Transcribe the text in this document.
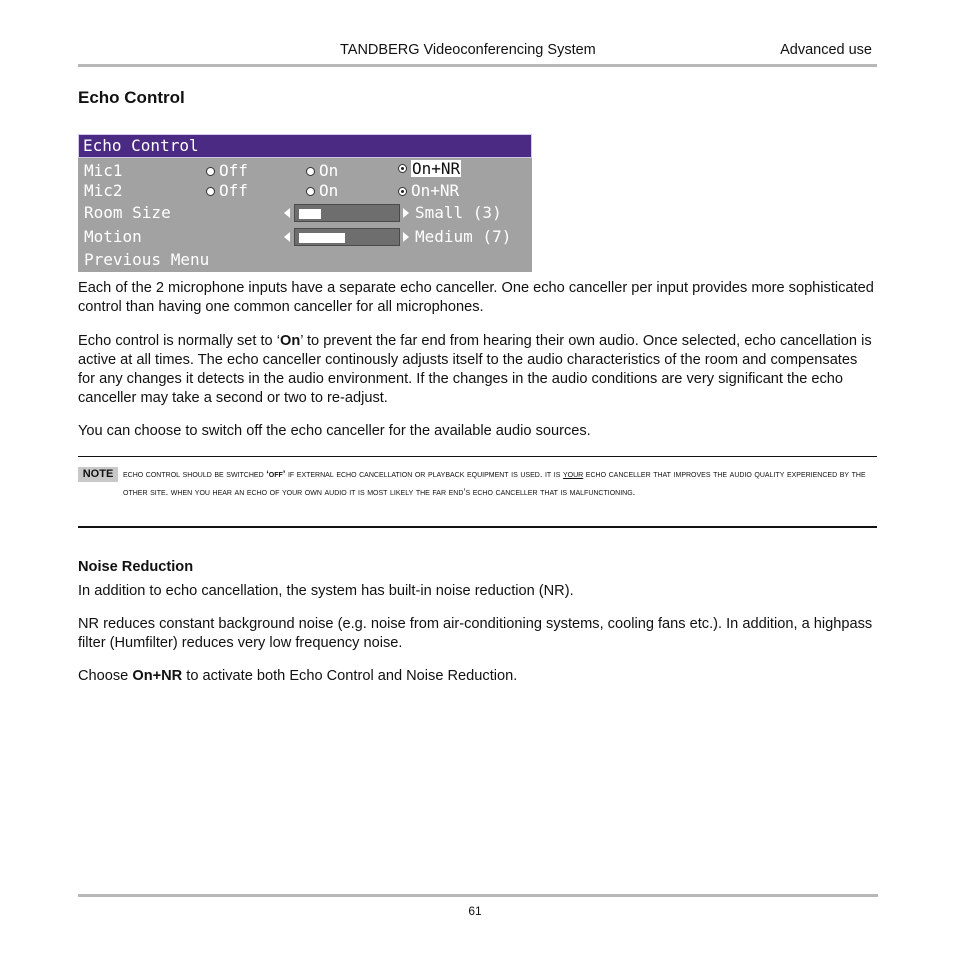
TANDBERG Videoconferencing System	Advanced use
Echo Control
Echo Control
Mic1	Off	On	On+NR
Mic2	Off	On	On+NR
Room Size	Small (3)
Motion	Medium (7)
Previous Menu

Each of the 2 microphone inputs have a separate echo canceller. One echo canceller per input provides more sophisticated control than having one common canceller for all microphones.

Echo control is normally set to ‘On’ to prevent the far end from hearing their own audio. Once selected, echo cancellation is active at all times. The echo canceller continously adjusts itself to the audio characteristics of the room and compensates for any changes it detects in the audio environment. If the changes in the audio conditions are very significant the echo canceller may take a second or two to re-adjust.

You can choose to switch off the echo canceller for the available audio sources.

NOTE	echo control should be switched ‘off’ if external echo cancellation or playback equipment is used. it is your echo canceller that improves the audio quality experienced by the other site. when you hear an echo of your own audio it is most likely the far end’s echo canceller that is malfunctioning.

Noise Reduction

In addition to echo cancellation, the system has built-in noise reduction (NR).

NR reduces constant background noise (e.g. noise from air-conditioning systems, cooling fans etc.). In addition, a highpass filter (Humfilter) reduces very low frequency noise.

Choose On+NR to activate both Echo Control and Noise Reduction.

61
